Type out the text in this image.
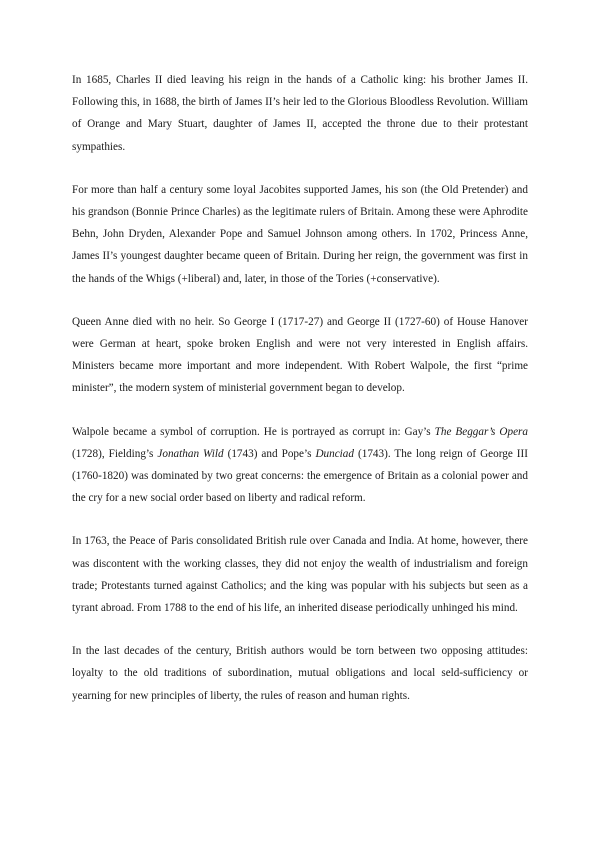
In 1685, Charles II died leaving his reign in the hands of a Catholic king: his brother James II. Following this, in 1688, the birth of James II’s heir led to the Glorious Bloodless Revolution. William of Orange and Mary Stuart, daughter of James II, accepted the throne due to their protestant sympathies.

For more than half a century some loyal Jacobites supported James, his son (the Old Pretender) and his grandson (Bonnie Prince Charles) as the legitimate rulers of Britain. Among these were Aphrodite Behn, John Dryden, Alexander Pope and Samuel Johnson among others. In 1702, Princess Anne, James II’s youngest daughter became queen of Britain. During her reign, the government was first in the hands of the Whigs (+liberal) and, later, in those of the Tories (+conservative).

Queen Anne died with no heir. So George I (1717-27) and George II (1727-60) of House Hanover were German at heart, spoke broken English and were not very interested in English affairs. Ministers became more important and more independent. With Robert Walpole, the first “prime minister”, the modern system of ministerial government began to develop.

Walpole became a symbol of corruption. He is portrayed as corrupt in: Gay’s The Beggar’s Opera (1728), Fielding’s Jonathan Wild (1743) and Pope’s Dunciad (1743). The long reign of George III (1760-1820) was dominated by two great concerns: the emergence of Britain as a colonial power and the cry for a new social order based on liberty and radical reform.

In 1763, the Peace of Paris consolidated British rule over Canada and India. At home, however, there was discontent with the working classes, they did not enjoy the wealth of industrialism and foreign trade; Protestants turned against Catholics; and the king was popular with his subjects but seen as a tyrant abroad. From 1788 to the end of his life, an inherited disease periodically unhinged his mind.

In the last decades of the century, British authors would be torn between two opposing attitudes: loyalty to the old traditions of subordination, mutual obligations and local seld-sufficiency or yearning for new principles of liberty, the rules of reason and human rights.
